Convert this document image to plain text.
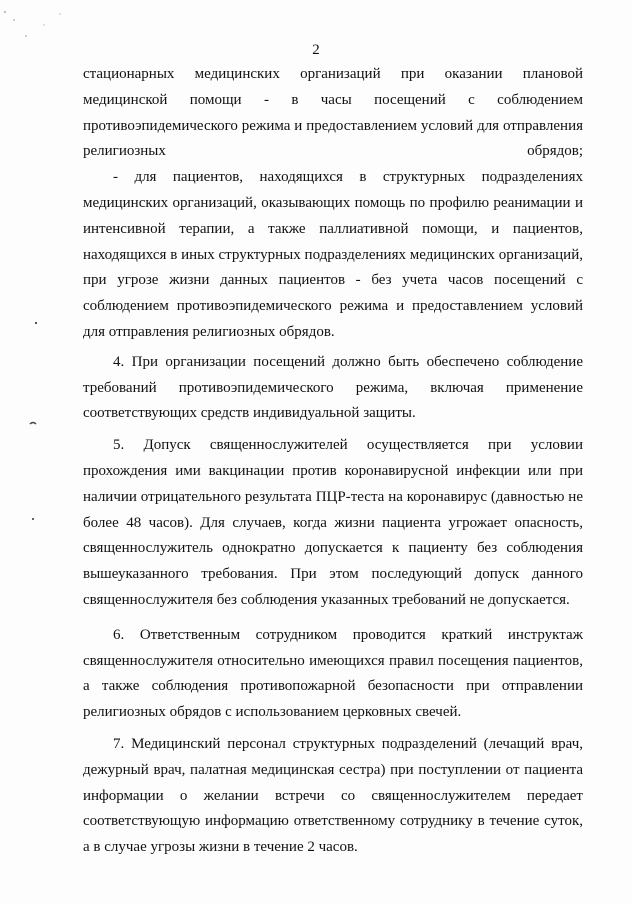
2

стационарных медицинских организаций при оказании плановой медицинской помощи - в часы посещений с соблюдением противоэпидемического режима и предоставлением условий для отправления религиозных обрядов;

- для пациентов, находящихся в структурных подразделениях медицинских организаций, оказывающих помощь по профилю реанимации и интенсивной терапии, а также паллиативной помощи, и пациентов, находящихся в иных структурных подразделениях медицинских организаций, при угрозе жизни данных пациентов - без учета часов посещений с соблюдением противоэпидемического режима и предоставлением условий для отправления религиозных обрядов.

4. При организации посещений должно быть обеспечено соблюдение требований противоэпидемического режима, включая применение соответствующих средств индивидуальной защиты.

5. Допуск священнослужителей осуществляется при условии прохождения ими вакцинации против коронавирусной инфекции или при наличии отрицательного результата ПЦР-теста на коронавирус (давностью не более 48 часов). Для случаев, когда жизни пациента угрожает опасность, священнослужитель однократно допускается к пациенту без соблюдения вышеуказанного требования. При этом последующий допуск данного священнослужителя без соблюдения указанных требований не допускается.

6. Ответственным сотрудником проводится краткий инструктаж священнослужителя относительно имеющихся правил посещения пациентов, а также соблюдения противопожарной безопасности при отправлении религиозных обрядов с использованием церковных свечей.

7. Медицинский персонал структурных подразделений (лечащий врач, дежурный врач, палатная медицинская сестра) при поступлении от пациента информации о желании встречи со священнослужителем передает соответствующую информацию ответственному сотруднику в течение суток, а в случае угрозы жизни в течение 2 часов.
